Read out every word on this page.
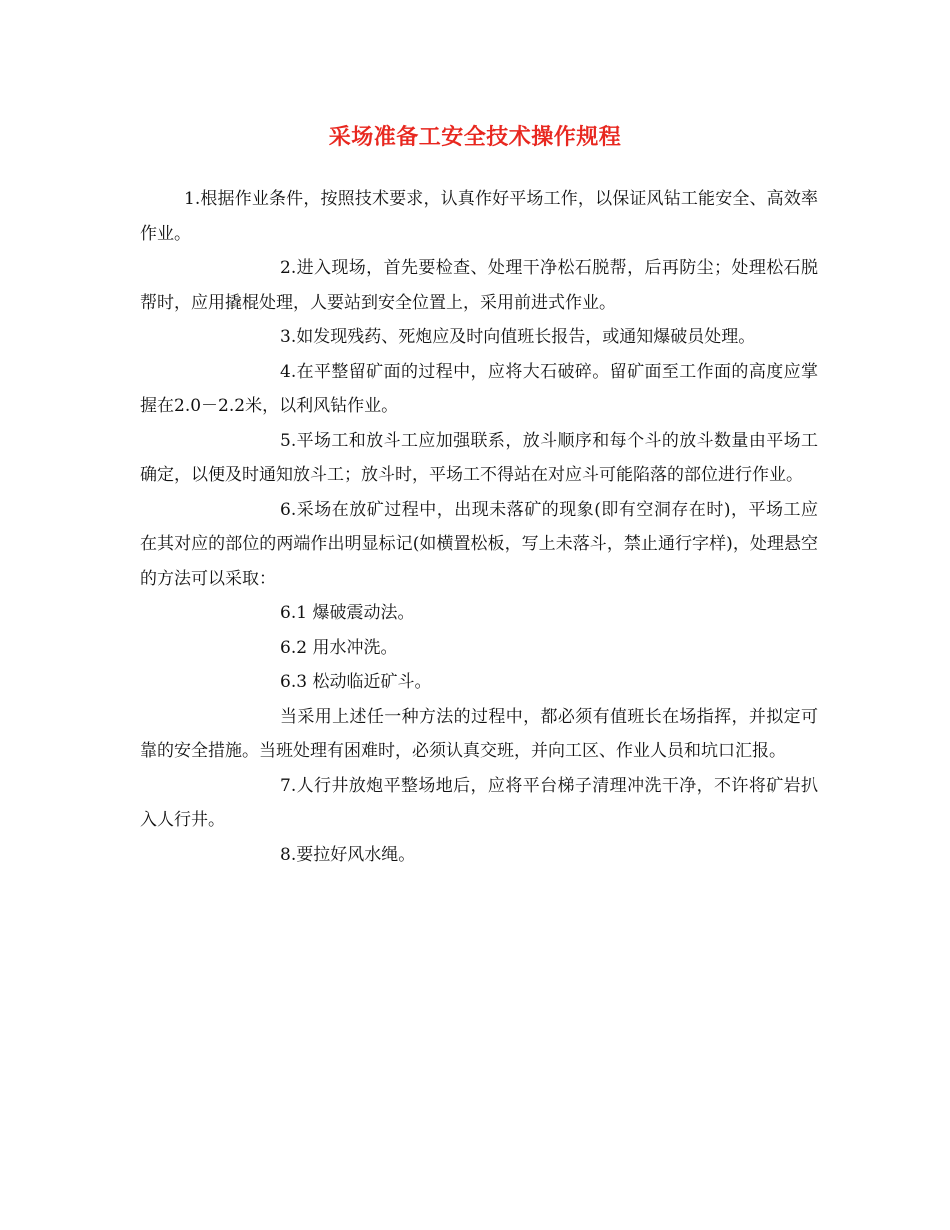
采场准备工安全技术操作规程

1.根据作业条件，按照技术要求，认真作好平场工作，以保证风钻工能安全、高效率作业。

2.进入现场，首先要检查、处理干净松石脱帮，后再防尘；处理松石脱帮时，应用撬棍处理，人要站到安全位置上，采用前进式作业。

3.如发现残药、死炮应及时向值班长报告，或通知爆破员处理。

4.在平整留矿面的过程中，应将大石破碎。留矿面至工作面的高度应掌握在2.0－2.2米，以利风钻作业。

5.平场工和放斗工应加强联系，放斗顺序和每个斗的放斗数量由平场工确定，以便及时通知放斗工；放斗时，平场工不得站在对应斗可能陷落的部位进行作业。

6.采场在放矿过程中，出现未落矿的现象(即有空洞存在时)，平场工应在其对应的部位的两端作出明显标记(如横置松板，写上未落斗，禁止通行字样)，处理悬空的方法可以采取：

6.1 爆破震动法。

6.2 用水冲洗。

6.3 松动临近矿斗。

当采用上述任一种方法的过程中，都必须有值班长在场指挥，并拟定可靠的安全措施。当班处理有困难时，必须认真交班，并向工区、作业人员和坑口汇报。

7.人行井放炮平整场地后，应将平台梯子清理冲洗干净，不许将矿岩扒入人行井。

8.要拉好风水绳。
